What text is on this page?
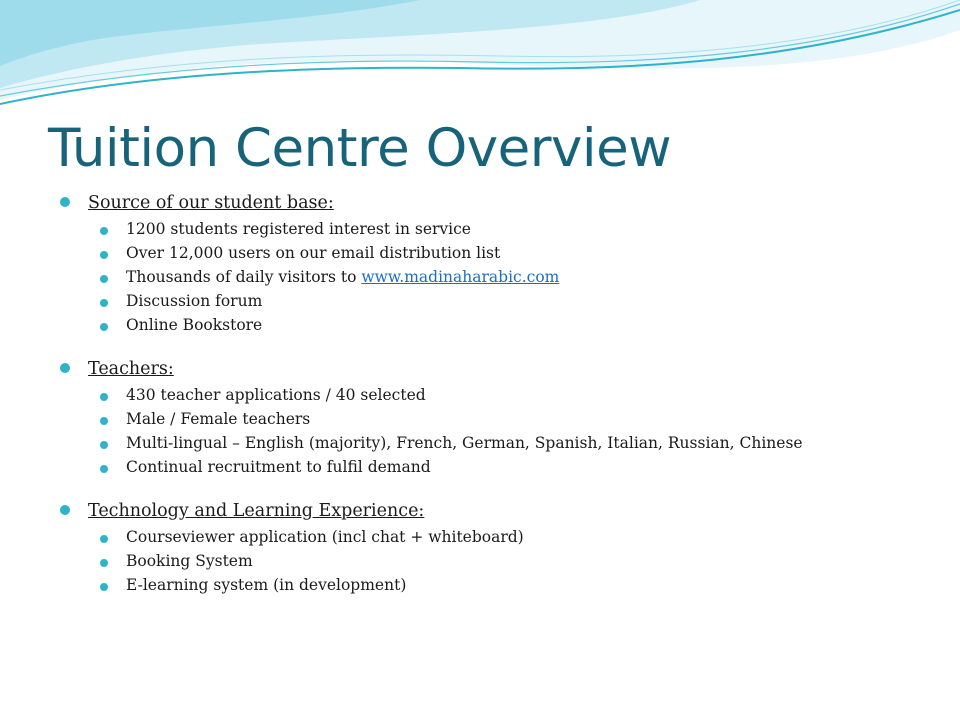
Tuition Centre Overview
Source of our student base:
1200 students registered interest in service
Over 12,000 users on our email distribution list
Thousands of daily visitors to www.madinaharabic.com
Discussion forum
Online Bookstore
Teachers:
430 teacher applications / 40 selected
Male / Female teachers
Multi-lingual – English (majority), French, German, Spanish, Italian, Russian, Chinese
Continual recruitment to fulfil demand
Technology and Learning Experience:
Courseviewer application (incl chat + whiteboard)
Booking System
E-learning system (in development)
